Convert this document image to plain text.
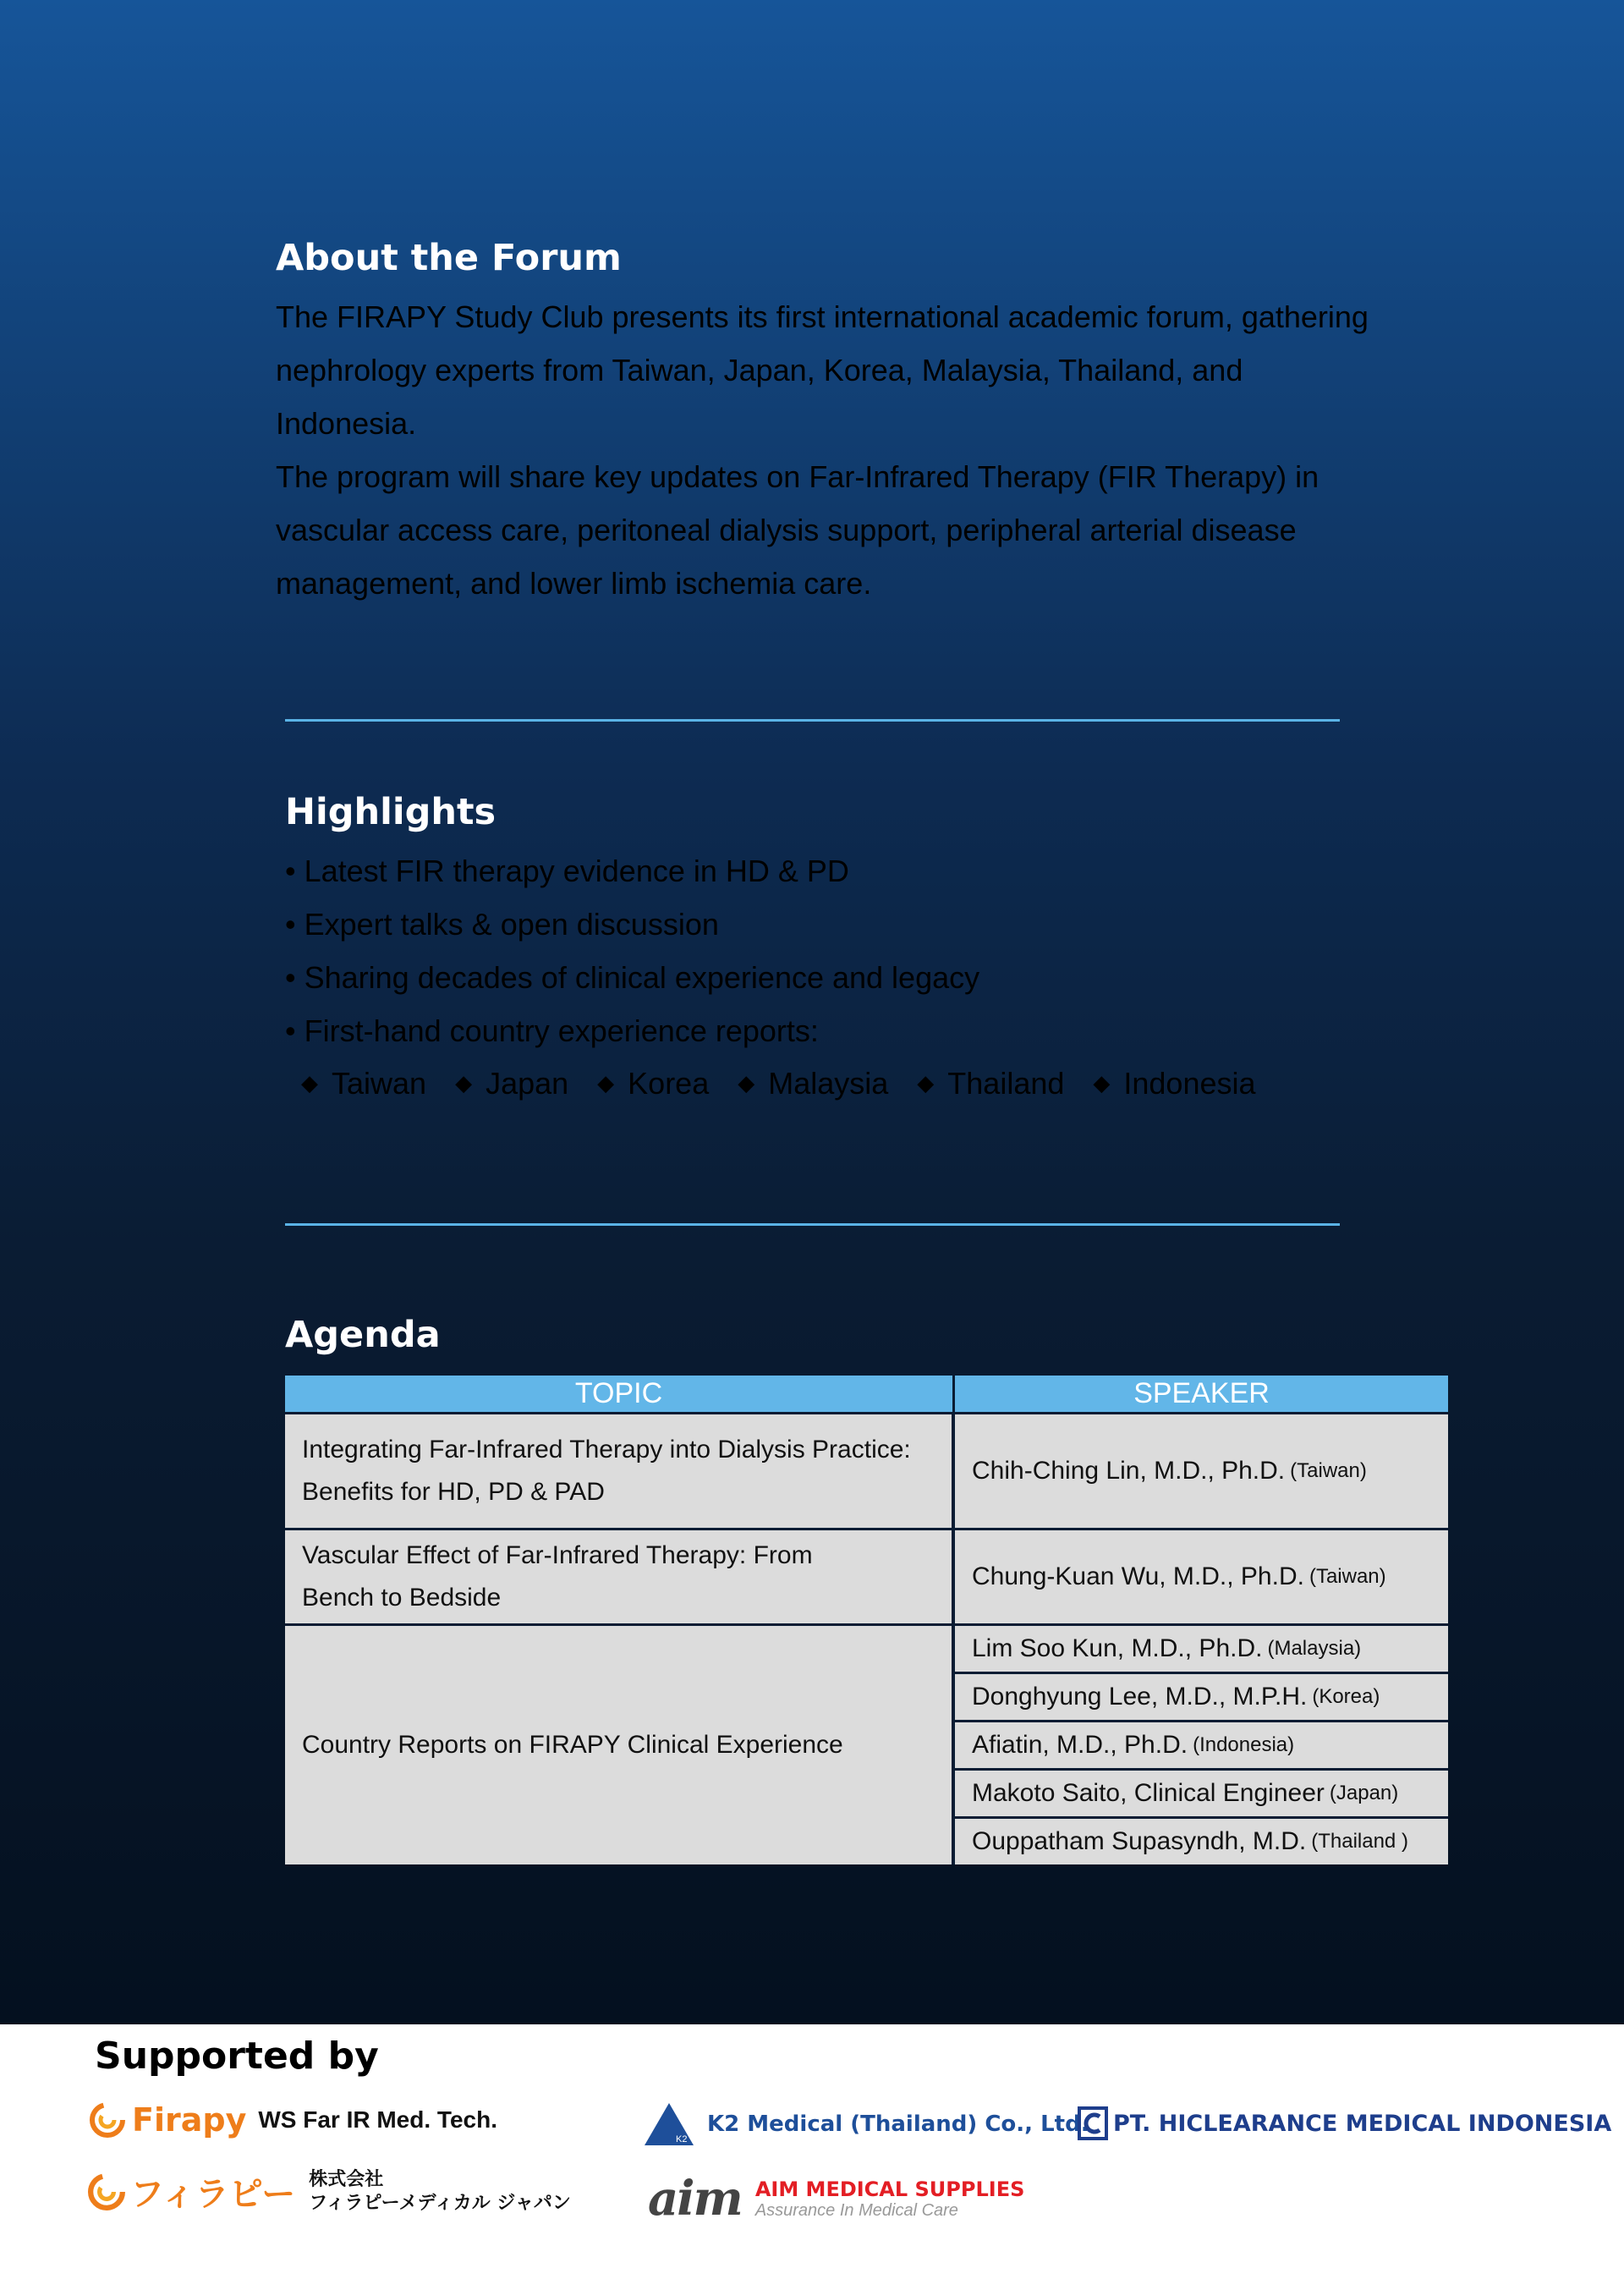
About the Forum

The FIRAPY Study Club presents its first international academic forum, gathering nephrology experts from Taiwan, Japan, Korea, Malaysia, Thailand, and Indonesia.

The program will share key updates on Far-Infrared Therapy (FIR Therapy) in vascular access care, peritoneal dialysis support, peripheral arterial disease management, and lower limb ischemia care.

Highlights
• Latest FIR therapy evidence in HD & PD
• Expert talks & open discussion
• Sharing decades of clinical experience and legacy
• First-hand country experience reports:
◆ Taiwan ◆ Japan ◆ Korea ◆ Malaysia ◆ Thailand ◆ Indonesia
Agenda
TOPIC	SPEAKER
Integrating Far-Infrared Therapy into Dialysis Practice:
Benefits for HD, PD & PAD
Chih-Ching Lin, M.D., Ph.D. (Taiwan)
Vascular Effect of Far-Infrared Therapy: From
Bench to Bedside
Chung-Kuan Wu, M.D., Ph.D. (Taiwan)
Country Reports on FIRAPY Clinical Experience
Lim Soo Kun, M.D., Ph.D. (Malaysia)
Donghyung Lee, M.D., M.P.H. (Korea)
Afiatin, M.D., Ph.D. (Indonesia)
Makoto Saito, Clinical Engineer (Japan)
Ouppatham Supasyndh, M.D. (Thailand )
Supported by
Firapy WS Far IR Med. Tech.
フィラピー 株式会社
フィラピーメディカル ジャパン
K2
K2 Medical (Thailand) Co., Ltd.
aim AIM MEDICAL SUPPLIES
Assurance In Medical Care
PT. HICLEARANCE MEDICAL INDONESIA
